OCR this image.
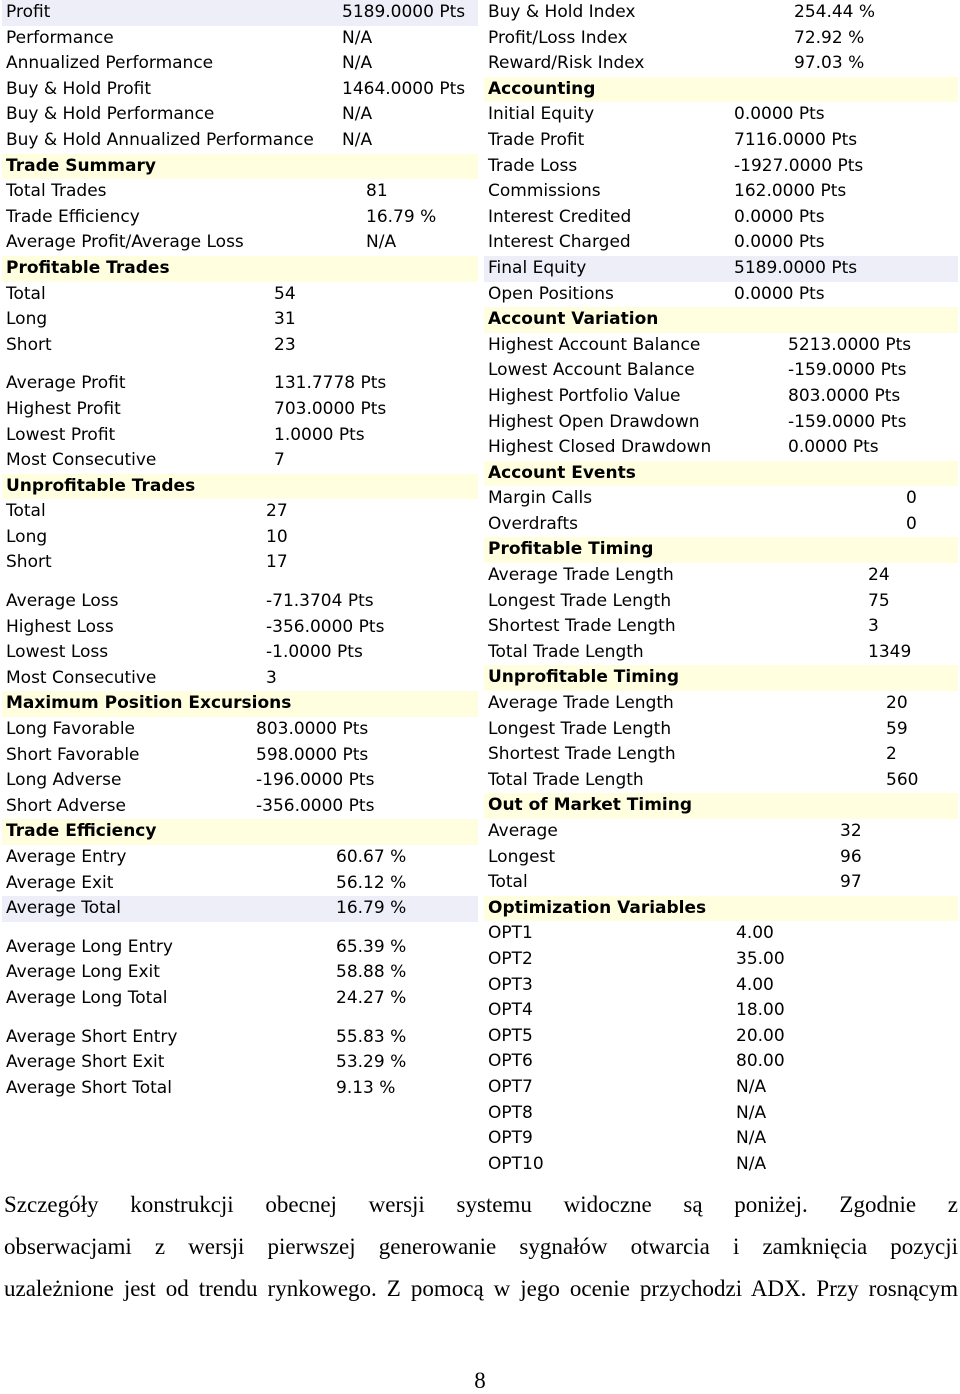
Profit	5189.0000 Pts
Performance	N/A
Annualized Performance	N/A
Buy & Hold Profit	1464.0000 Pts
Buy & Hold Performance	N/A
Buy & Hold Annualized Performance N/A
Trade Summary
Total Trades	81
Trade Efficiency	16.79 %
Average Profit/Average Loss	N/A
Profitable Trades
Total	54
Long	31
Short	23
Average Profit	131.7778 Pts
Highest Profit	703.0000 Pts
Lowest Profit	1.0000 Pts
Most Consecutive	7
Unprofitable Trades
Total	27
Long	10
Short	17
Average Loss	-71.3704 Pts
Highest Loss	-356.0000 Pts
Lowest Loss	-1.0000 Pts
Most Consecutive	3
Maximum Position Excursions
Long Favorable	803.0000 Pts
Short Favorable	598.0000 Pts
Long Adverse	-196.0000 Pts
Short Adverse	-356.0000 Pts
Trade Efficiency
Average Entry	60.67 %
Average Exit	56.12 %
Average Total	16.79 %
Average Long Entry	65.39 %
Average Long Exit	58.88 %
Average Long Total	24.27 %
Average Short Entry	55.83 %
Average Short Exit	53.29 %
Average Short Total	9.13 %
Buy & Hold Index	254.44 %
Profit/Loss Index	72.92 %
Reward/Risk Index	97.03 %
Accounting
Initial Equity	0.0000 Pts
Trade Profit	7116.0000 Pts
Trade Loss	-1927.0000 Pts
Commissions	162.0000 Pts
Interest Credited	0.0000 Pts
Interest Charged	0.0000 Pts
Final Equity	5189.0000 Pts
Open Positions	0.0000 Pts
Account Variation
Highest Account Balance	5213.0000 Pts
Lowest Account Balance	-159.0000 Pts
Highest Portfolio Value	803.0000 Pts
Highest Open Drawdown	-159.0000 Pts
Highest Closed Drawdown	0.0000 Pts
Account Events
Margin Calls	0
Overdrafts	0
Profitable Timing
Average Trade Length	24
Longest Trade Length	75
Shortest Trade Length	3
Total Trade Length	1349
Unprofitable Timing
Average Trade Length	20
Longest Trade Length	59
Shortest Trade Length	2
Total Trade Length	560
Out of Market Timing
Average	32
Longest	96
Total	97
Optimization Variables
OPT1	4.00
OPT2	35.00
OPT3	4.00
OPT4	18.00
OPT5	20.00
OPT6	80.00
OPT7	N/A
OPT8	N/A
OPT9	N/A
OPT10	N/A
Szczegóły konstrukcji obecnej wersji systemu widoczne są poniżej. Zgodnie z
obserwacjami z wersji pierwszej generowanie sygnałów otwarcia i zamknięcia pozycji
uzależnione jest od trendu rynkowego. Z pomocą w jego ocenie przychodzi ADX. Przy rosnącym
8
